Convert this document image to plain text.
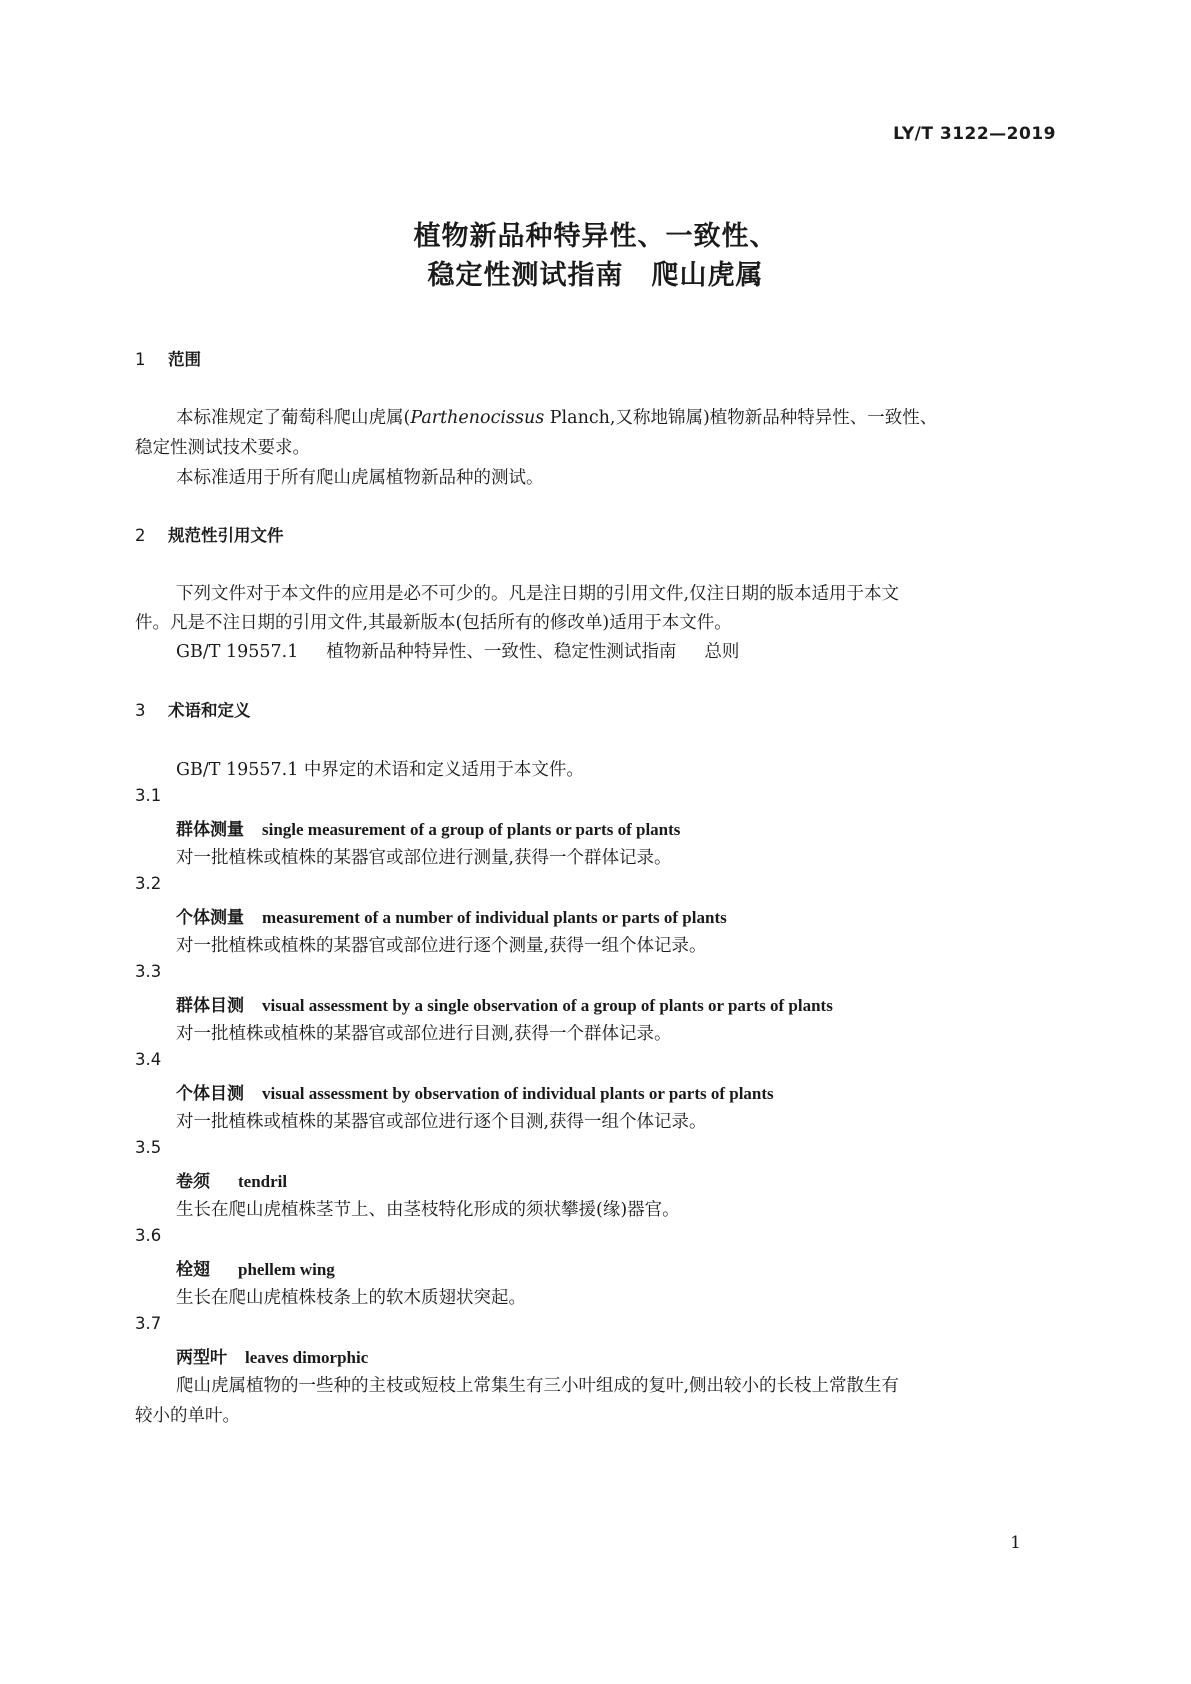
LY/T 3122—2019
植物新品种特异性、一致性、
稳定性测试指南 爬山虎属
1 范围
本标准规定了葡萄科爬山虎属(Parthenocissus Planch,又称地锦属)植物新品种特异性、一致性、
稳定性测试技术要求。
本标准适用于所有爬山虎属植物新品种的测试。
2 规范性引用文件
下列文件对于本文件的应用是必不可少的。凡是注日期的引用文件,仅注日期的版本适用于本文
件。凡是不注日期的引用文件,其最新版本(包括所有的修改单)适用于本文件。
GB/T 19557.1 植物新品种特异性、一致性、稳定性测试指南 总则
3 术语和定义
GB/T 19557.1 中界定的术语和定义适用于本文件。
3.1
群体测量 single measurement of a group of plants or parts of plants
对一批植株或植株的某器官或部位进行测量,获得一个群体记录。
3.2
个体测量 measurement of a number of individual plants or parts of plants
对一批植株或植株的某器官或部位进行逐个测量,获得一组个体记录。
3.3
群体目测 visual assessment by a single observation of a group of plants or parts of plants
对一批植株或植株的某器官或部位进行目测,获得一个群体记录。
3.4
个体目测 visual assessment by observation of individual plants or parts of plants
对一批植株或植株的某器官或部位进行逐个目测,获得一组个体记录。
3.5
卷须 tendril
生长在爬山虎植株茎节上、由茎枝特化形成的须状攀援(缘)器官。
3.6
栓翅 phellem wing
生长在爬山虎植株枝条上的软木质翅状突起。
3.7
两型叶 leaves dimorphic
爬山虎属植物的一些种的主枝或短枝上常集生有三小叶组成的复叶,侧出较小的长枝上常散生有
较小的单叶。
1
